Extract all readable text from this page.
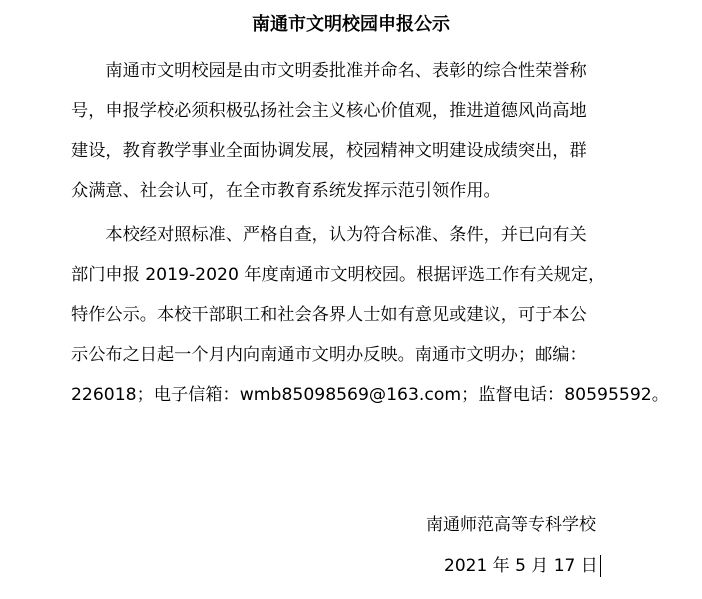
南通市文明校园申报公示
　　南通市文明校园是由市文明委批准并命名、表彰的综合性荣誉称
号，申报学校必须积极弘扬社会主义核心价值观，推进道德风尚高地
建设，教育教学事业全面协调发展，校园精神文明建设成绩突出，群
众满意、社会认可，在全市教育系统发挥示范引领作用。
　　本校经对照标准、严格自查，认为符合标准、条件，并已向有关
部门申报 2019-2020 年度南通市文明校园。根据评选工作有关规定，
特作公示。本校干部职工和社会各界人士如有意见或建议，可于本公
示公布之日起一个月内向南通市文明办反映。南通市文明办；邮编：
226018；电子信箱：wmb85098569@163.com；监督电话：80595592。
南通师范高等专科学校
2021 年 5 月 17 日
